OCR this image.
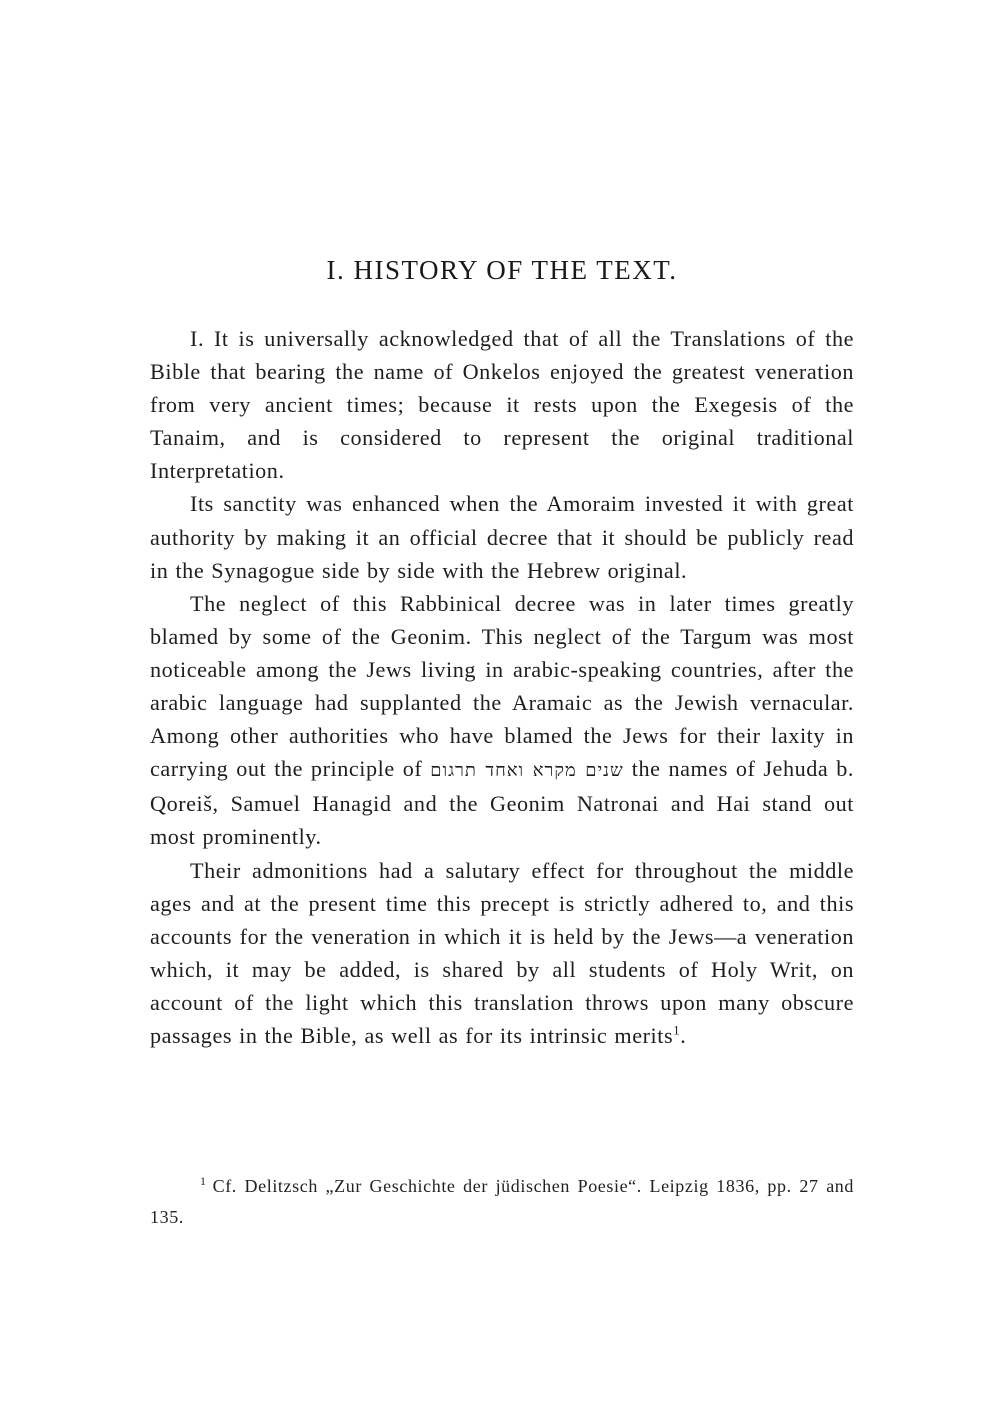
I. HISTORY OF THE TEXT.

I. It is universally acknowledged that of all the Translations of the Bible that bearing the name of Onkelos enjoyed the greatest veneration from very ancient times; because it rests upon the Exegesis of the Tanaim, and is considered to represent the original traditional Interpretation.

Its sanctity was enhanced when the Amoraim invested it with great authority by making it an official decree that it should be publicly read in the Synagogue side by side with the Hebrew original.

The neglect of this Rabbinical decree was in later times greatly blamed by some of the Geonim. This neglect of the Targum was most noticeable among the Jews living in arabic-speaking countries, after the arabic language had supplanted the Aramaic as the Jewish vernacular. Among other authorities who have blamed the Jews for their laxity in carrying out the principle of שנים מקרא ואחד תרגום the names of Jehuda b. Qoreiš, Samuel Hanagid and the Geonim Natronai and Hai stand out most prominently.

Their admonitions had a salutary effect for throughout the middle ages and at the present time this precept is strictly adhered to, and this accounts for the veneration in which it is held by the Jews—a veneration which, it may be added, is shared by all students of Holy Writ, on account of the light which this translation throws upon many obscure passages in the Bible, as well as for its intrinsic merits$^1$.

$^1$ Cf. Delitzsch „Zur Geschichte der jüdischen Poesie“. Leipzig 1836, pp. 27 and 135.
